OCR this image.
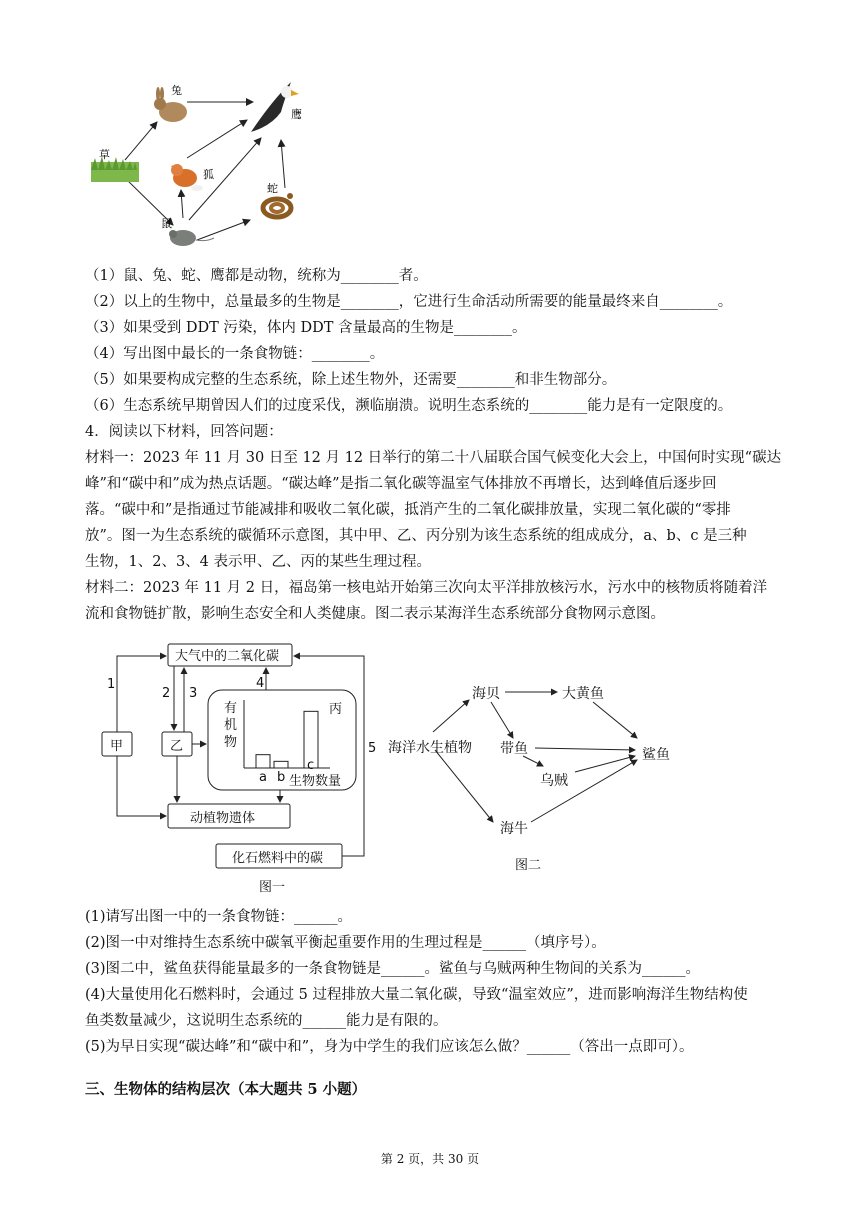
草
兔
狐
鼠
蛇
鹰
（1）鼠、兔、蛇、鹰都是动物，统称为________者。
（2）以上的生物中，总量最多的生物是________，它进行生命活动所需要的能量最终来自________。
（3）如果受到 DDT 污染，体内 DDT 含量最高的生物是________。
（4）写出图中最长的一条食物链：________。
（5）如果要构成完整的生态系统，除上述生物外，还需要________和非生物部分。
（6）生态系统早期曾因人们的过度采伐，濒临崩溃。说明生态系统的________能力是有一定限度的。
4．阅读以下材料，回答问题：
材料一：2023 年 11 月 30 日至 12 月 12 日举行的第二十八届联合国气候变化大会上，中国何时实现“碳达
峰”和“碳中和”成为热点话题。“碳达峰”是指二氧化碳等温室气体排放不再增长，达到峰值后逐步回
落。“碳中和”是指通过节能减排和吸收二氧化碳，抵消产生的二氧化碳排放量，实现二氧化碳的“零排
放”。图一为生态系统的碳循环示意图，其中甲、乙、丙分别为该生态系统的组成成分，a、b、c 是三种
生物，1、2、3、4 表示甲、乙、丙的某些生理过程。
材料二：2023 年 11 月 2 日，福岛第一核电站开始第三次向太平洋排放核污水，污水中的核物质将随着洋
流和食物链扩散，影响生态安全和人类健康。图二表示某海洋生态系统部分食物网示意图。
大气中的二氧化碳
甲	乙
丙
动植物遗体
化石燃料中的碳
图一
有
机
物
生物数量
1
2 3
4
5
a b
c
海洋水生植物
海贝	大黄鱼
带鱼
乌贼
鲨鱼
海牛
图二
(1)请写出图一中的一条食物链：______。
(2)图一中对维持生态系统中碳氧平衡起重要作用的生理过程是______（填序号）。
(3)图二中，鲨鱼获得能量最多的一条食物链是______。鲨鱼与乌贼两种生物间的关系为______。
(4)大量使用化石燃料时，会通过 5 过程排放大量二氧化碳，导致“温室效应”，进而影响海洋生物结构使
鱼类数量减少，这说明生态系统的______能力是有限的。
(5)为早日实现“碳达峰”和“碳中和”，身为中学生的我们应该怎么做？______（答出一点即可）。
三、生物体的结构层次（本大题共 5 小题）
第 2 页，共 30 页
